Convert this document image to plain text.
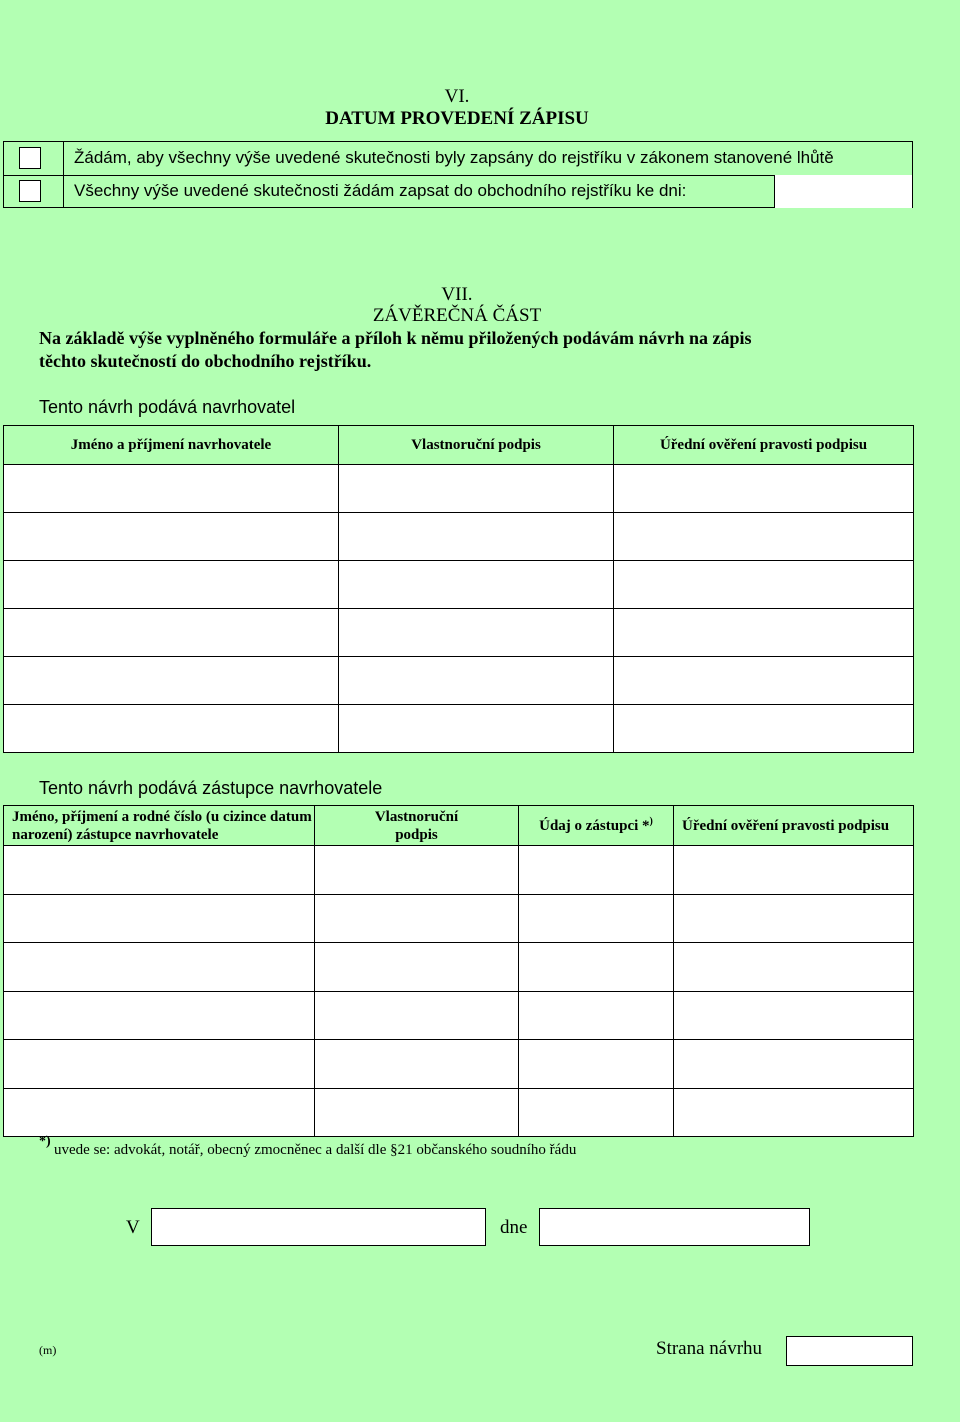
VI.
DATUM PROVEDENÍ ZÁPISU
Žádám, aby všechny výše uvedené skutečnosti byly zapsány do rejstříku v zákonem stanovené lhůtě
Všechny výše uvedené skutečnosti žádám zapsat do obchodního rejstříku ke dni:
VII.
ZÁVĚREČNÁ ČÁST
Na základě výše vyplněného formuláře a příloh k němu přiložených podávám návrh na zápis
těchto skutečností do obchodního rejstříku.
Tento návrh podává navrhovatel
Jméno a příjmení navrhovatele	Vlastnoruční podpis	Úřední ověření pravosti podpisu

Tento návrh podává zástupce navrhovatele
Jméno, příjmení a rodné číslo (u cizince datum narození) zástupce navrhovatele	Vlastnoruční podpis	Údaj o zástupci *)	Úřední ověření pravosti podpisu

*)
uvede se: advokát, notář, obecný zmocněnec a další dle §21 občanského soudního řádu
V	dne
(m)	Strana návrhu
